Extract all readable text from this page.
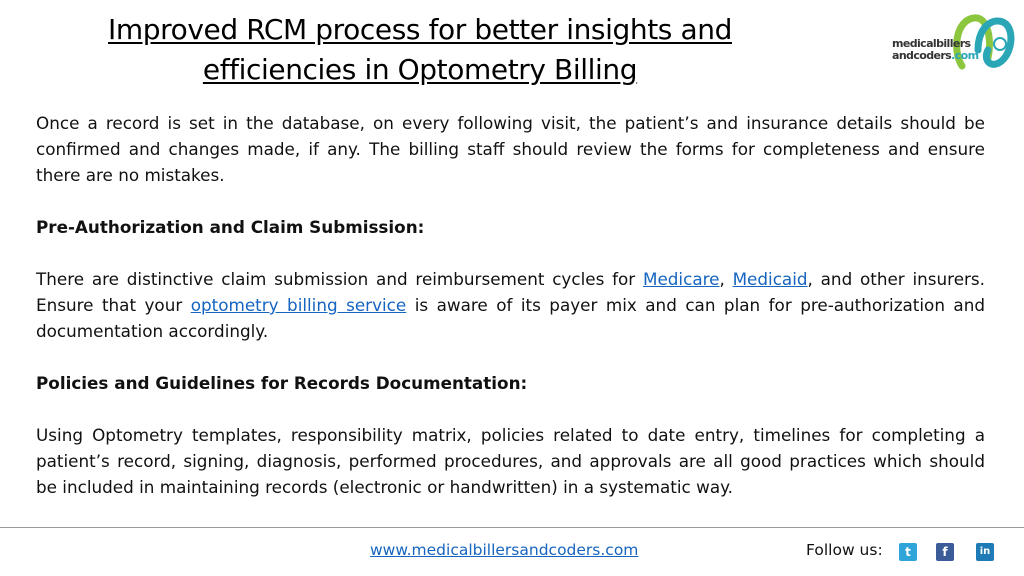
Improved RCM process for better insights and
efficiencies in Optometry Billing
medicalbillers
andcoders.com

Once a record is set in the database, on every following visit, the patient’s and insurance details should be confirmed and changes made, if any. The billing staff should review the forms for completeness and ensure there are no mistakes.

Pre-Authorization and Claim Submission:

There are distinctive claim submission and reimbursement cycles for Medicare, Medicaid, and other insurers. Ensure that your optometry billing service is aware of its payer mix and can plan for pre-authorization and documentation accordingly.

Policies and Guidelines for Records Documentation:

Using Optometry templates, responsibility matrix, policies related to date entry, timelines for completing a patient’s record, signing, diagnosis, performed procedures, and approvals are all good practices which should be included in maintaining records (electronic or handwritten) in a systematic way.

www.medicalbillersandcoders.com	Follow us:	t	f	in
